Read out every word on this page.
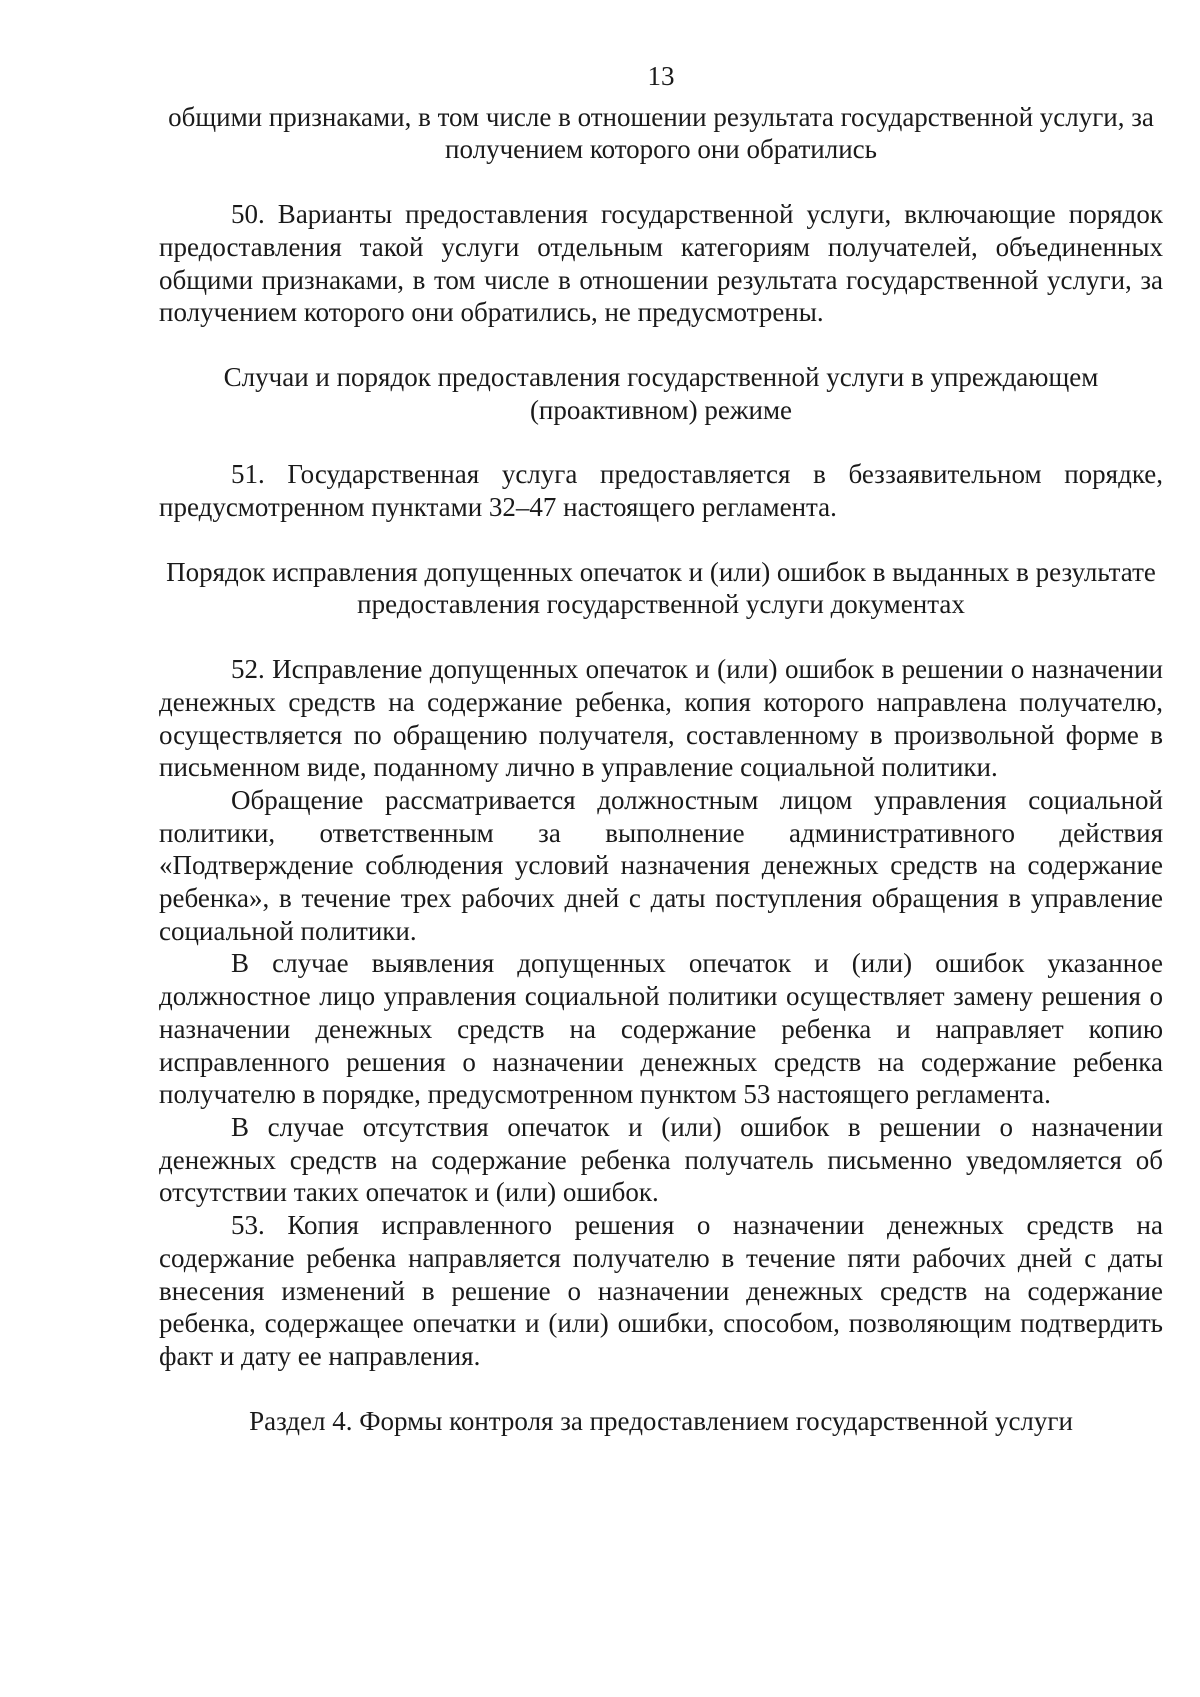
13

общими признаками, в том числе в отношении результата государственной услуги, за получением которого они обратились

50. Варианты предоставления государственной услуги, включающие порядок предоставления такой услуги отдельным категориям получателей, объединенных общими признаками, в том числе в отношении результата государственной услуги, за получением которого они обратились, не предусмотрены.

Случаи и порядок предоставления государственной услуги в упреждающем (проактивном) режиме

51. Государственная услуга предоставляется в беззаявительном порядке, предусмотренном пунктами 32–47 настоящего регламента.

Порядок исправления допущенных опечаток и (или) ошибок в выданных в результате предоставления государственной услуги документах

52. Исправление допущенных опечаток и (или) ошибок в решении о назначении денежных средств на содержание ребенка, копия которого направлена получателю, осуществляется по обращению получателя, составленному в произвольной форме в письменном виде, поданному лично в управление социальной политики.

Обращение рассматривается должностным лицом управления социальной политики, ответственным за выполнение административного действия «Подтверждение соблюдения условий назначения денежных средств на содержание ребенка», в течение трех рабочих дней с даты поступления обращения в управление социальной политики.

В случае выявления допущенных опечаток и (или) ошибок указанное должностное лицо управления социальной политики осуществляет замену решения о назначении денежных средств на содержание ребенка и направляет копию исправленного решения о назначении денежных средств на содержание ребенка получателю в порядке, предусмотренном пунктом 53 настоящего регламента.

В случае отсутствия опечаток и (или) ошибок в решении о назначении денежных средств на содержание ребенка получатель письменно уведомляется об отсутствии таких опечаток и (или) ошибок.

53. Копия исправленного решения о назначении денежных средств на содержание ребенка направляется получателю в течение пяти рабочих дней с даты внесения изменений в решение о назначении денежных средств на содержание ребенка, содержащее опечатки и (или) ошибки, способом, позволяющим подтвердить факт и дату ее направления.

Раздел 4. Формы контроля за предоставлением государственной услуги
